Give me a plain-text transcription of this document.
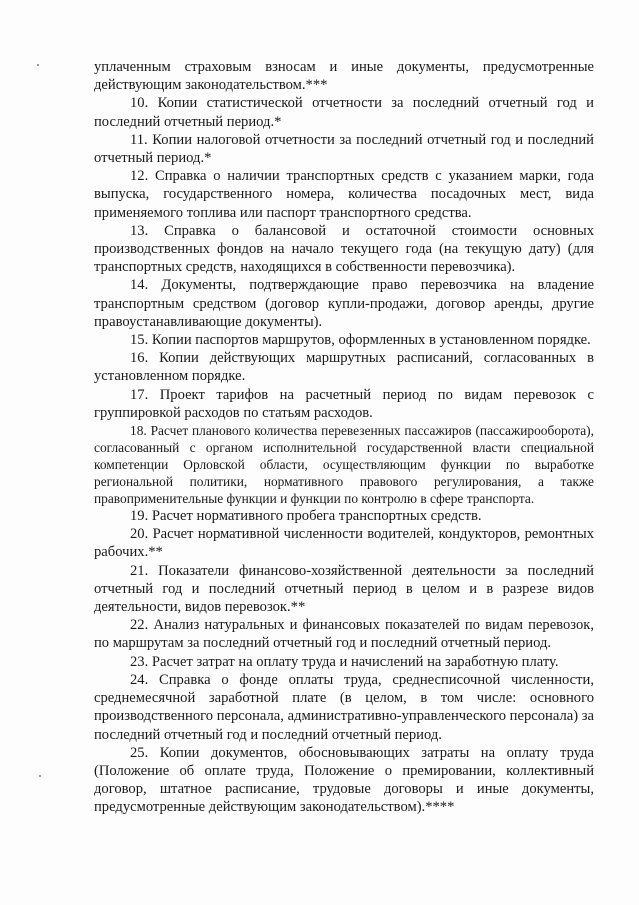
уплаченным страховым взносам и иные документы, предусмотренные действующим законодательством.***

10. Копии статистической отчетности за последний отчетный год и последний отчетный период.*

11. Копии налоговой отчетности за последний отчетный год и последний отчетный период.*

12. Справка о наличии транспортных средств с указанием марки, года выпуска, государственного номера, количества посадочных мест, вида применяемого топлива или паспорт транспортного средства.

13. Справка о балансовой и остаточной стоимости основных производственных фондов на начало текущего года (на текущую дату) (для транспортных средств, находящихся в собственности перевозчика).

14. Документы, подтверждающие право перевозчика на владение транспортным средством (договор купли-продажи, договор аренды, другие правоустанавливающие документы).

15. Копии паспортов маршрутов, оформленных в установленном порядке.

16. Копии действующих маршрутных расписаний, согласованных в установленном порядке.

17. Проект тарифов на расчетный период по видам перевозок с группировкой расходов по статьям расходов.

18. Расчет планового количества перевезенных пассажиров (пассажирооборота), согласованный с органом исполнительной государственной власти специальной компетенции Орловской области, осуществляющим функции по выработке региональной политики, нормативного правового регулирования, а также правоприменительные функции и функции по контролю в сфере транспорта.

19. Расчет нормативного пробега транспортных средств.

20. Расчет нормативной численности водителей, кондукторов, ремонтных рабочих.**

21. Показатели финансово-хозяйственной деятельности за последний отчетный год и последний отчетный период в целом и в разрезе видов деятельности, видов перевозок.**

22. Анализ натуральных и финансовых показателей по видам перевозок, по маршрутам за последний отчетный год и последний отчетный период.

23. Расчет затрат на оплату труда и начислений на заработную плату.

24. Справка о фонде оплаты труда, среднесписочной численности, среднемесячной заработной плате (в целом, в том числе: основного производственного персонала, административно-управленческого персонала) за последний отчетный год и последний отчетный период.

25. Копии документов, обосновывающих затраты на оплату труда (Положение об оплате труда, Положение о премировании, коллективный договор, штатное расписание, трудовые договоры и иные документы, предусмотренные действующим законодательством).****
